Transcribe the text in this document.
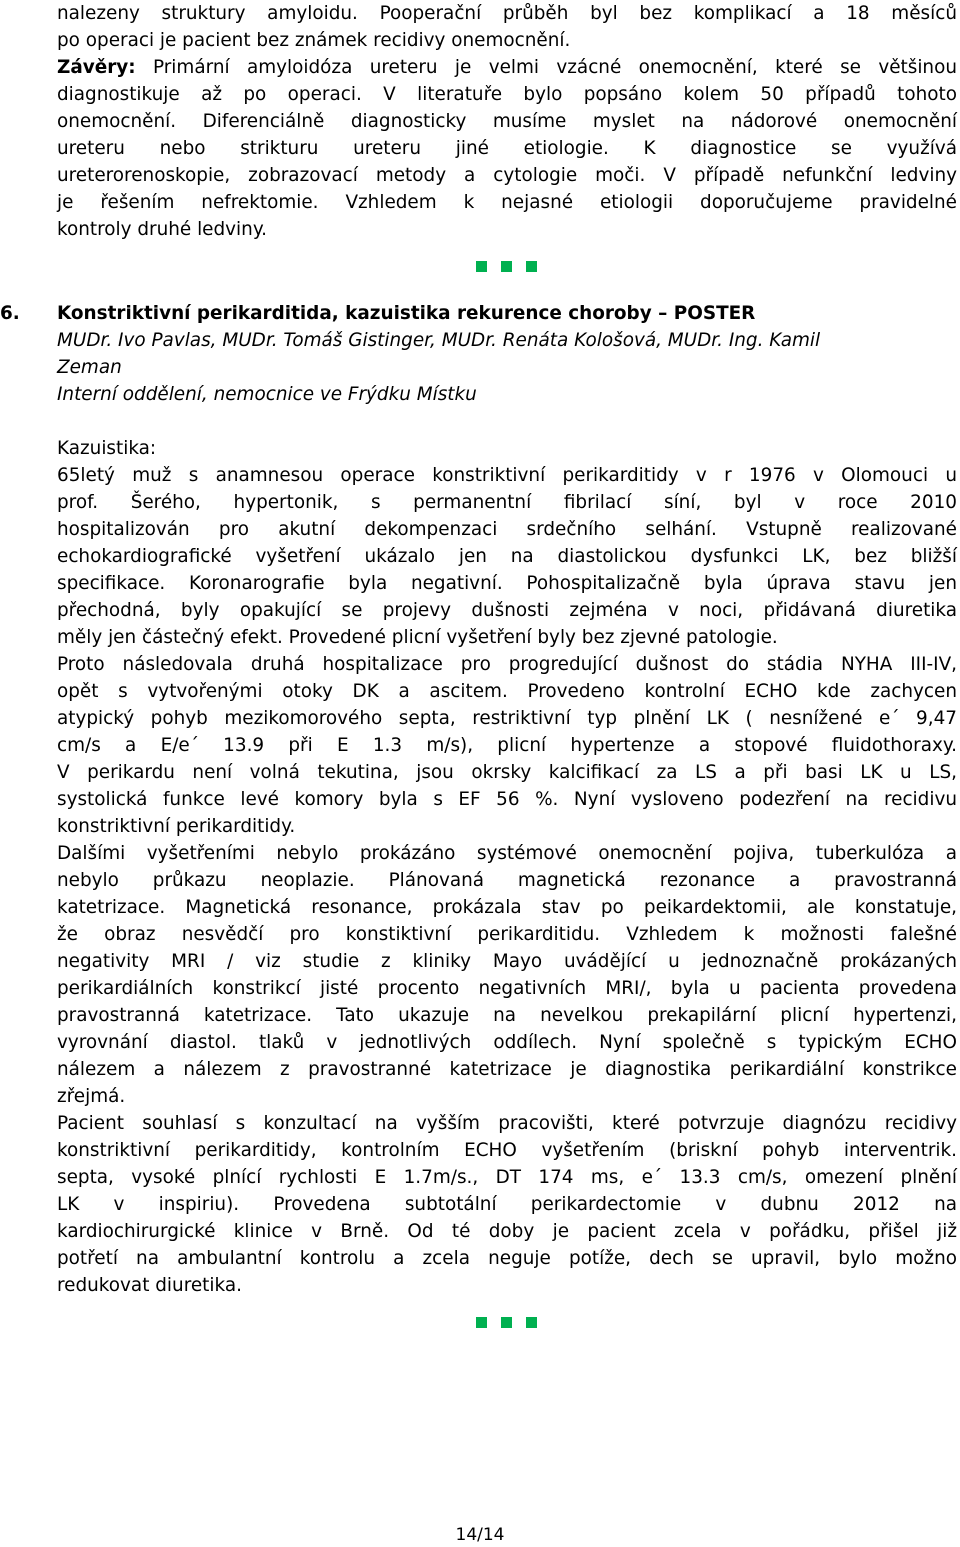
nalezeny struktury amyloidu. Pooperační průběh byl bez komplikací a 18 měsíců
po operaci je pacient bez známek recidivy onemocnění.
Závěry: Primární amyloidóza ureteru je velmi vzácné onemocnění, které se většinou
diagnostikuje až po operaci. V literatuře bylo popsáno kolem 50 případů tohoto
onemocnění. Diferenciálně diagnosticky musíme myslet na nádorové onemocnění
ureteru nebo strikturu ureteru jiné etiologie. K diagnostice se využívá
ureterorenoskopie, zobrazovací metody a cytologie moči. V případě nefunkční ledviny
je řešením nefrektomie. Vzhledem k nejasné etiologii doporučujeme pravidelné
kontroly druhé ledviny.
6. Konstriktivní perikarditida, kazuistika rekurence choroby – POSTER
MUDr. Ivo Pavlas, MUDr. Tomáš Gistinger, MUDr. Renáta Kološová, MUDr. Ing. Kamil
Zeman
Interní oddělení, nemocnice ve Frýdku Místku
Kazuistika:
65letý muž s anamnesou operace konstriktivní perikarditidy v r 1976 v Olomouci u
prof. Šerého, hypertonik, s permanentní fibrilací síní, byl v roce 2010
hospitalizován pro akutní dekompenzaci srdečního selhání. Vstupně realizované
echokardiografické vyšetření ukázalo jen na diastolickou dysfunkci LK, bez bližší
specifikace. Koronarografie byla negativní. Pohospitalizačně byla úprava stavu jen
přechodná, byly opakující se projevy dušnosti zejména v noci, přidávaná diuretika
měly jen částečný efekt. Provedené plicní vyšetření byly bez zjevné patologie.
Proto následovala druhá hospitalizace pro progredující dušnost do stádia NYHA III-IV,
opět s vytvořenými otoky DK a ascitem. Provedeno kontrolní ECHO kde zachycen
atypický pohyb mezikomorového septa, restriktivní typ plnění LK ( nesnížené e´ 9,47
cm/s a E/e´ 13.9 při E 1.3 m/s), plicní hypertenze a stopové fluidothoraxy.
V perikardu není volná tekutina, jsou okrsky kalcifikací za LS a při basi LK u LS,
systolická funkce levé komory byla s EF 56 %. Nyní vysloveno podezření na recidivu
konstriktivní perikarditidy.
Dalšími vyšetřeními nebylo prokázáno systémové onemocnění pojiva, tuberkulóza a
nebylo průkazu neoplazie. Plánovaná magnetická rezonance a pravostranná
katetrizace. Magnetická resonance, prokázala stav po peikardektomii, ale konstatuje,
že obraz nesvědčí pro konstiktivní perikarditidu. Vzhledem k možnosti falešné
negativity MRI / viz studie z kliniky Mayo uvádějící u jednoznačně prokázaných
perikardiálních konstrikcí jisté procento negativních MRI/, byla u pacienta provedena
pravostranná katetrizace. Tato ukazuje na nevelkou prekapilární plicní hypertenzi,
vyrovnání diastol. tlaků v jednotlivých oddílech. Nyní společně s typickým ECHO
nálezem a nálezem z pravostranné katetrizace je diagnostika perikardiální konstrikce
zřejmá.
Pacient souhlasí s konzultací na vyšším pracovišti, které potvrzuje diagnózu recidivy
konstriktivní perikarditidy, kontrolním ECHO vyšetřením (briskní pohyb interventrik.
septa, vysoké plnící rychlosti E 1.7m/s., DT 174 ms, e´ 13.3 cm/s, omezení plnění
LK v inspiriu). Provedena subtotální perikardectomie v dubnu 2012 na
kardiochirurgické klinice v Brně. Od té doby je pacient zcela v pořádku, přišel již
potřetí na ambulantní kontrolu a zcela neguje potíže, dech se upravil, bylo možno
redukovat diuretika.
14/14
